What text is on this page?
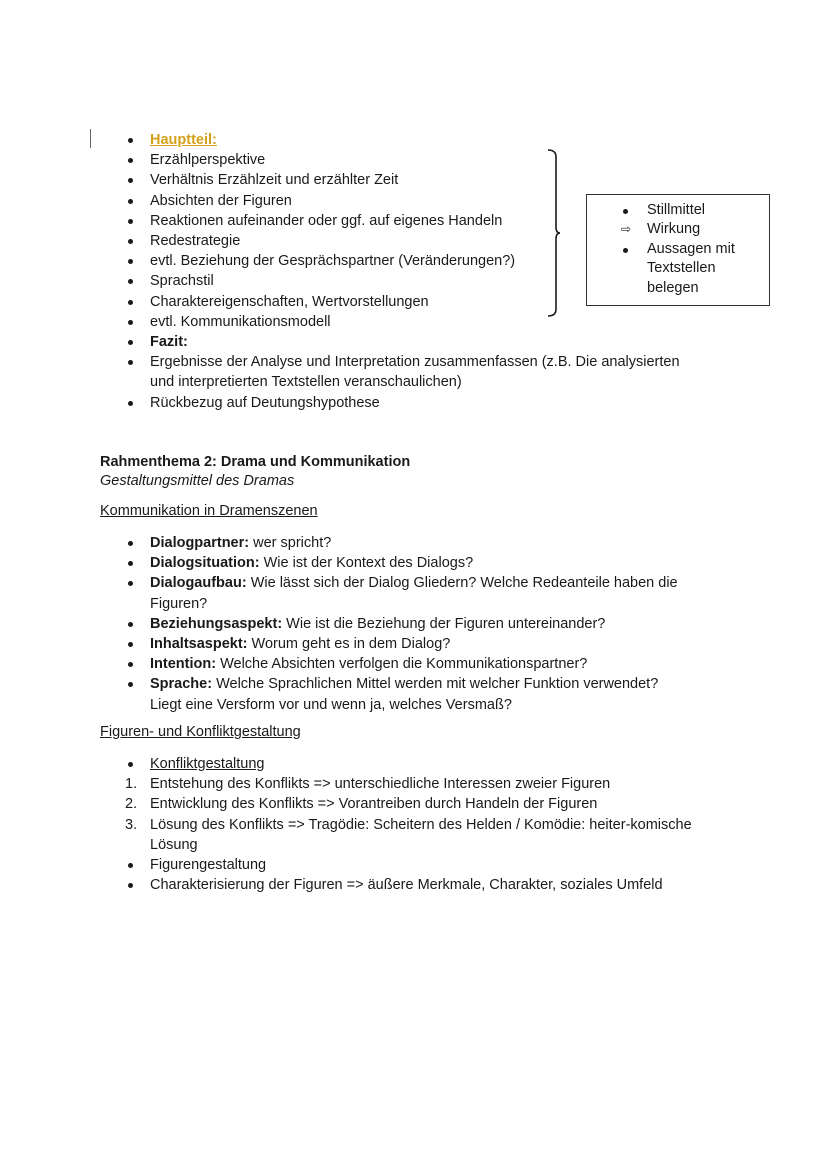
Hauptteil:
Erzählperspektive
Verhältnis Erzählzeit und erzählter Zeit
Absichten der Figuren
Reaktionen aufeinander oder ggf. auf eigenes Handeln
Redestrategie
evtl. Beziehung der Gesprächspartner (Veränderungen?)
Sprachstil
Charaktereigenschaften, Wertvorstellungen
evtl. Kommunikationsmodell
Fazit:
Ergebnisse der Analyse und Interpretation zusammenfassen (z.B. Die analysierten
und interpretierten Textstellen veranschaulichen)
Rückbezug auf Deutungshypothese
Stillmittel
⇨ Wirkung
Aussagen mit
Textstellen
belegen
Rahmenthema 2: Drama und Kommunikation
Gestaltungsmittel des Dramas
Kommunikation in Dramenszenen
Dialogpartner: wer spricht?
Dialogsituation: Wie ist der Kontext des Dialogs?
Dialogaufbau: Wie lässt sich der Dialog Gliedern? Welche Redeanteile haben die
Figuren?
Beziehungsaspekt: Wie ist die Beziehung der Figuren untereinander?
Inhaltsaspekt: Worum geht es in dem Dialog?
Intention: Welche Absichten verfolgen die Kommunikationspartner?
Sprache: Welche Sprachlichen Mittel werden mit welcher Funktion verwendet?
Liegt eine Versform vor und wenn ja, welches Versmaß?
Figuren- und Konfliktgestaltung
Konfliktgestaltung
1. Entstehung des Konflikts => unterschiedliche Interessen zweier Figuren
2. Entwicklung des Konflikts => Vorantreiben durch Handeln der Figuren
3. Lösung des Konflikts => Tragödie: Scheitern des Helden / Komödie: heiter-komische
Lösung
Figurengestaltung
Charakterisierung der Figuren => äußere Merkmale, Charakter, soziales Umfeld
